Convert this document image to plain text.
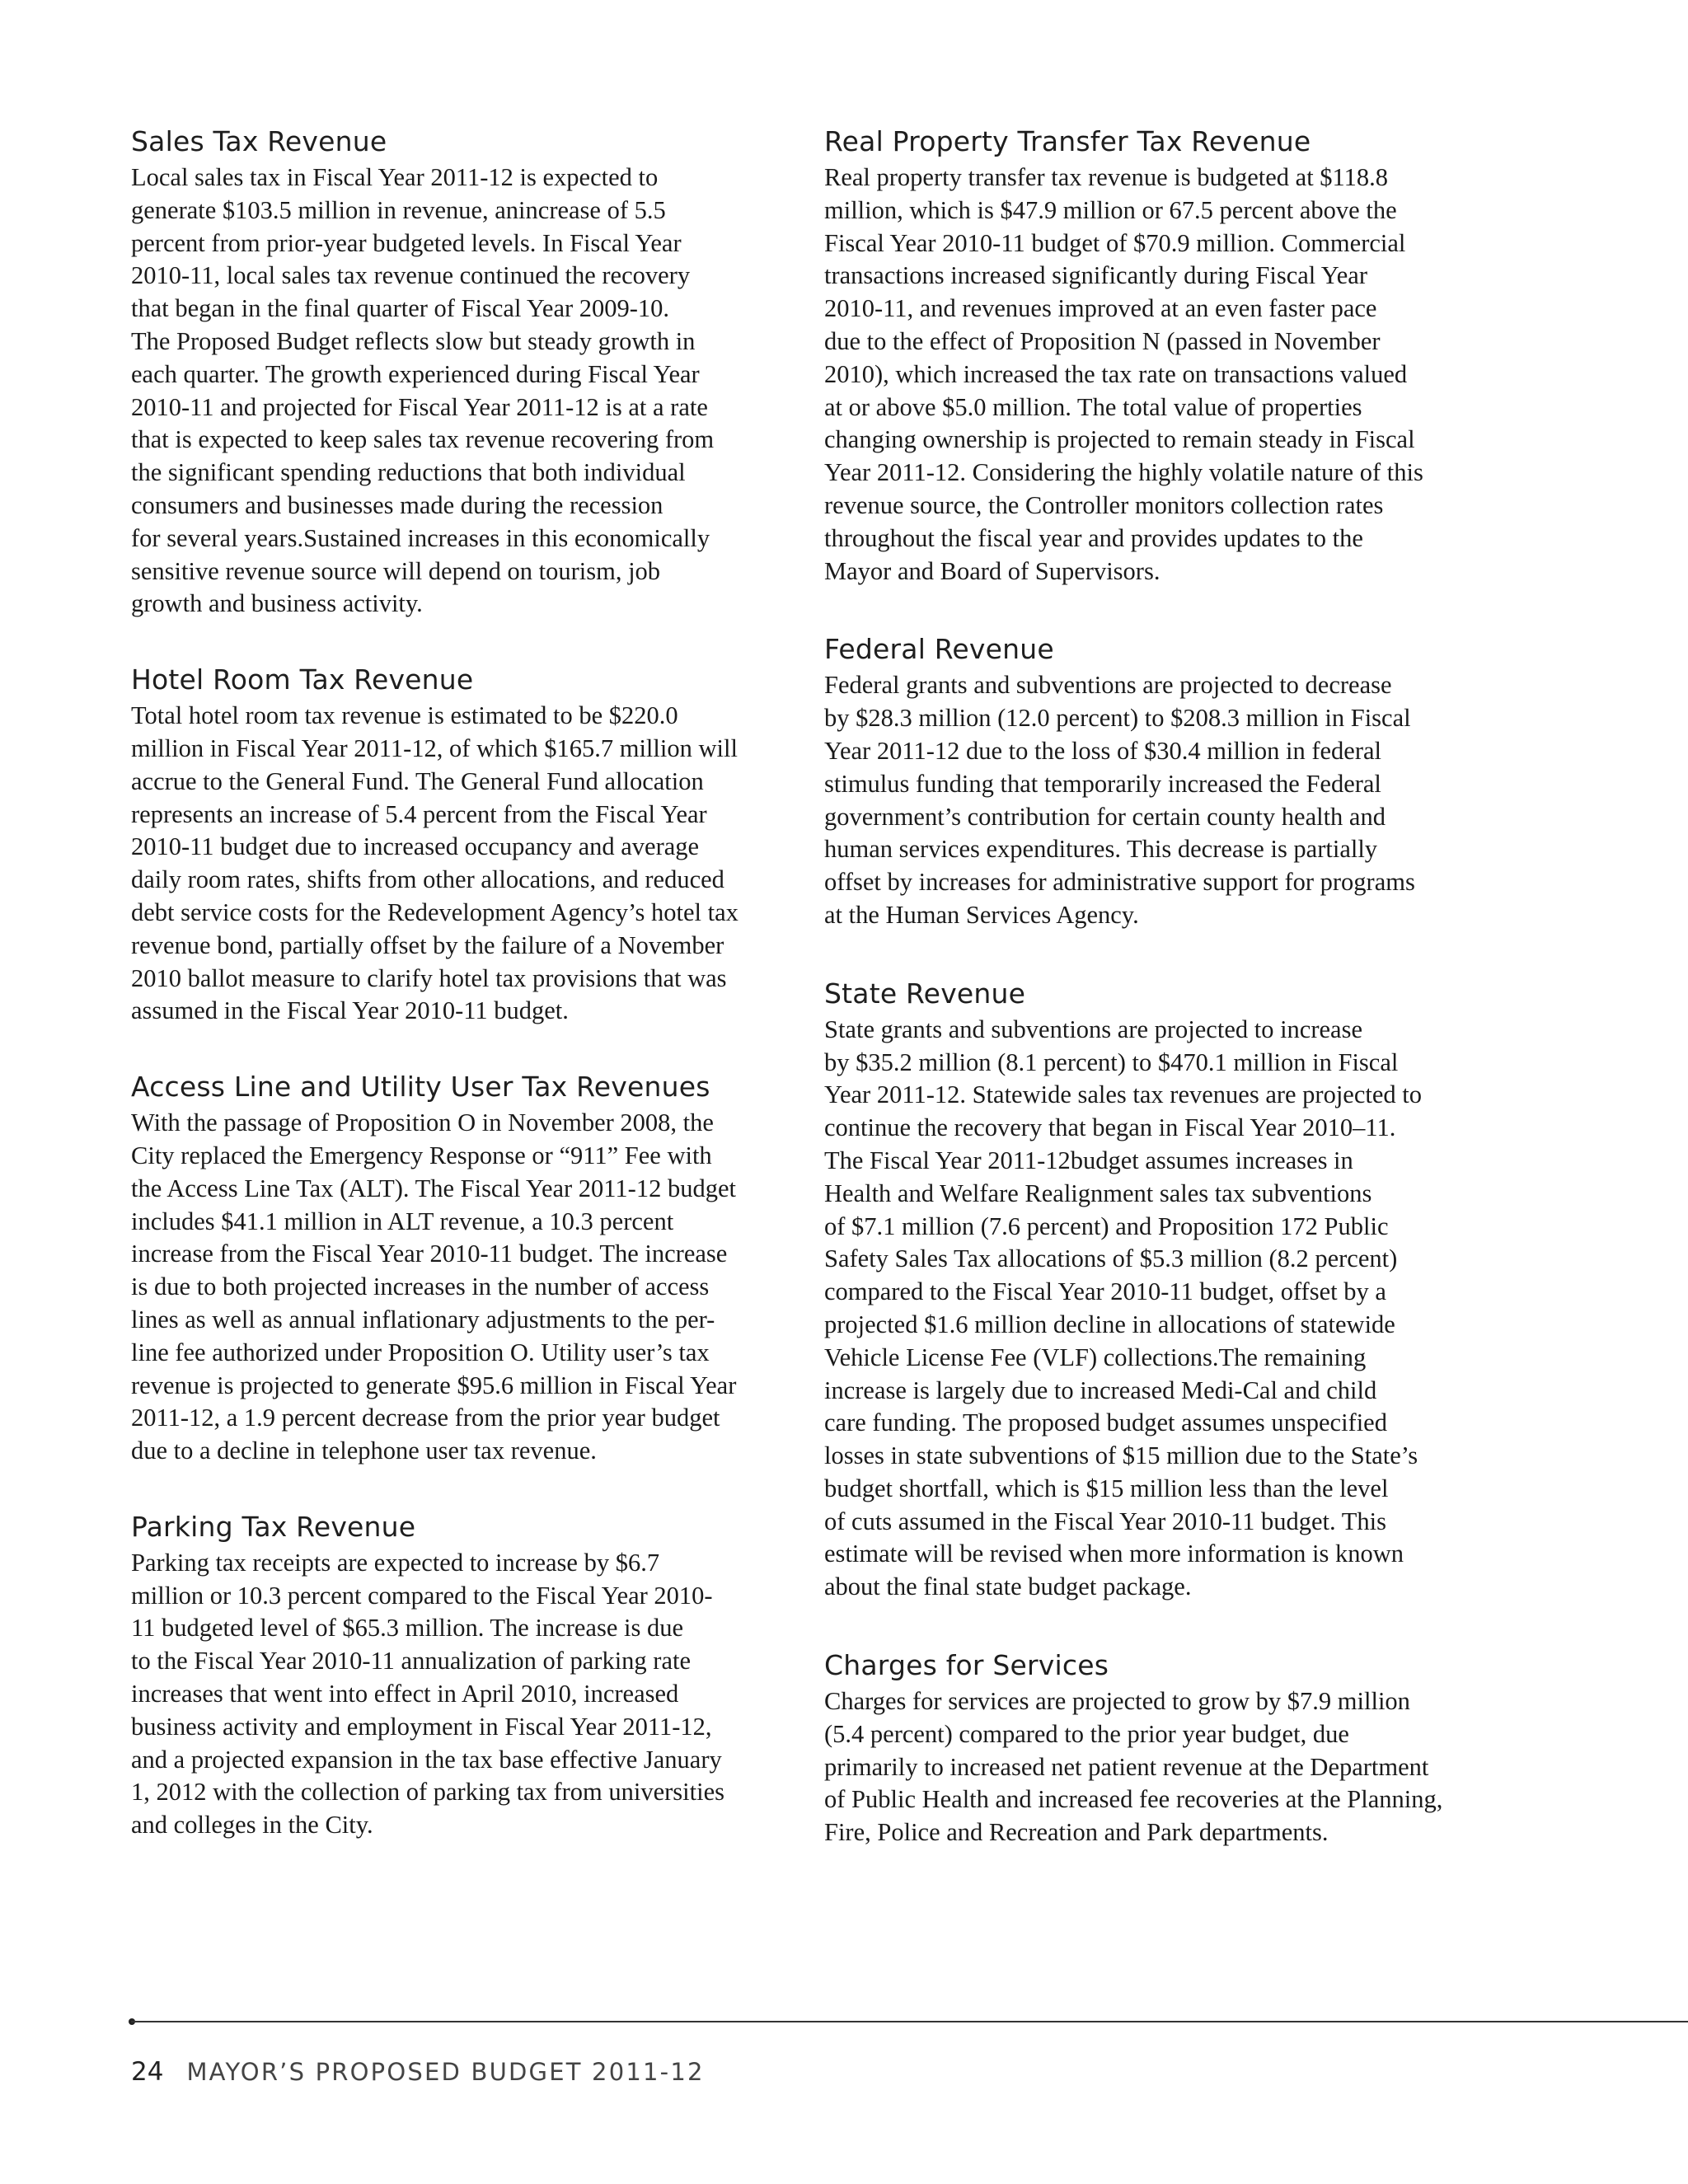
Sales Tax Revenue

Local sales tax in Fiscal Year 2011-12 is expected to
generate $103.5 million in revenue, anincrease of 5.5
percent from prior-year budgeted levels. In Fiscal Year
2010-11, local sales tax revenue continued the recovery
that began in the final quarter of Fiscal Year 2009-10.
The Proposed Budget reflects slow but steady growth in
each quarter. The growth experienced during Fiscal Year
2010-11 and projected for Fiscal Year 2011-12 is at a rate
that is expected to keep sales tax revenue recovering from
the significant spending reductions that both individual
consumers and businesses made during the recession
for several years.Sustained increases in this economically
sensitive revenue source will depend on tourism, job
growth and business activity.

Hotel Room Tax Revenue

Total hotel room tax revenue is estimated to be $220.0
million in Fiscal Year 2011-12, of which $165.7 million will
accrue to the General Fund. The General Fund allocation
represents an increase of 5.4 percent from the Fiscal Year
2010-11 budget due to increased occupancy and average
daily room rates, shifts from other allocations, and reduced
debt service costs for the Redevelopment Agency’s hotel tax
revenue bond, partially offset by the failure of a November
2010 ballot measure to clarify hotel tax provisions that was
assumed in the Fiscal Year 2010-11 budget.

Access Line and Utility User Tax Revenues

With the passage of Proposition O in November 2008, the
City replaced the Emergency Response or “911” Fee with
the Access Line Tax (ALT). The Fiscal Year 2011-12 budget
includes $41.1 million in ALT revenue, a 10.3 percent
increase from the Fiscal Year 2010-11 budget. The increase
is due to both projected increases in the number of access
lines as well as annual inflationary adjustments to the per-
line fee authorized under Proposition O. Utility user’s tax
revenue is projected to generate $95.6 million in Fiscal Year
2011-12, a 1.9 percent decrease from the prior year budget
due to a decline in telephone user tax revenue.

Parking Tax Revenue

Parking tax receipts are expected to increase by $6.7
million or 10.3 percent compared to the Fiscal Year 2010-
11 budgeted level of $65.3 million. The increase is due
to the Fiscal Year 2010-11 annualization of parking rate
increases that went into effect in April 2010, increased
business activity and employment in Fiscal Year 2011-12,
and a projected expansion in the tax base effective January
1, 2012 with the collection of parking tax from universities
and colleges in the City.

Real Property Transfer Tax Revenue

Real property transfer tax revenue is budgeted at $118.8
million, which is $47.9 million or 67.5 percent above the
Fiscal Year 2010-11 budget of $70.9 million. Commercial
transactions increased significantly during Fiscal Year
2010-11, and revenues improved at an even faster pace
due to the effect of Proposition N (passed in November
2010), which increased the tax rate on transactions valued
at or above $5.0 million. The total value of properties
changing ownership is projected to remain steady in Fiscal
Year 2011-12. Considering the highly volatile nature of this
revenue source, the Controller monitors collection rates
throughout the fiscal year and provides updates to the
Mayor and Board of Supervisors.

Federal Revenue

Federal grants and subventions are projected to decrease
by $28.3 million (12.0 percent) to $208.3 million in Fiscal
Year 2011-12 due to the loss of $30.4 million in federal
stimulus funding that temporarily increased the Federal
government’s contribution for certain county health and
human services expenditures. This decrease is partially
offset by increases for administrative support for programs
at the Human Services Agency.

State Revenue

State grants and subventions are projected to increase
by $35.2 million (8.1 percent) to $470.1 million in Fiscal
Year 2011-12. Statewide sales tax revenues are projected to
continue the recovery that began in Fiscal Year 2010–11.
The Fiscal Year 2011-12budget assumes increases in
Health and Welfare Realignment sales tax subventions
of $7.1 million (7.6 percent) and Proposition 172 Public
Safety Sales Tax allocations of $5.3 million (8.2 percent)
compared to the Fiscal Year 2010-11 budget, offset by a
projected $1.6 million decline in allocations of statewide
Vehicle License Fee (VLF) collections.The remaining
increase is largely due to increased Medi-Cal and child
care funding. The proposed budget assumes unspecified
losses in state subventions of $15 million due to the State’s
budget shortfall, which is $15 million less than the level
of cuts assumed in the Fiscal Year 2010-11 budget. This
estimate will be revised when more information is known
about the final state budget package.

Charges for Services

Charges for services are projected to grow by $7.9 million
(5.4 percent) compared to the prior year budget, due
primarily to increased net patient revenue at the Department
of Public Health and increased fee recoveries at the Planning,
Fire, Police and Recreation and Park departments.

24 MAYOR’S PROPOSED BUDGET 2011-12
